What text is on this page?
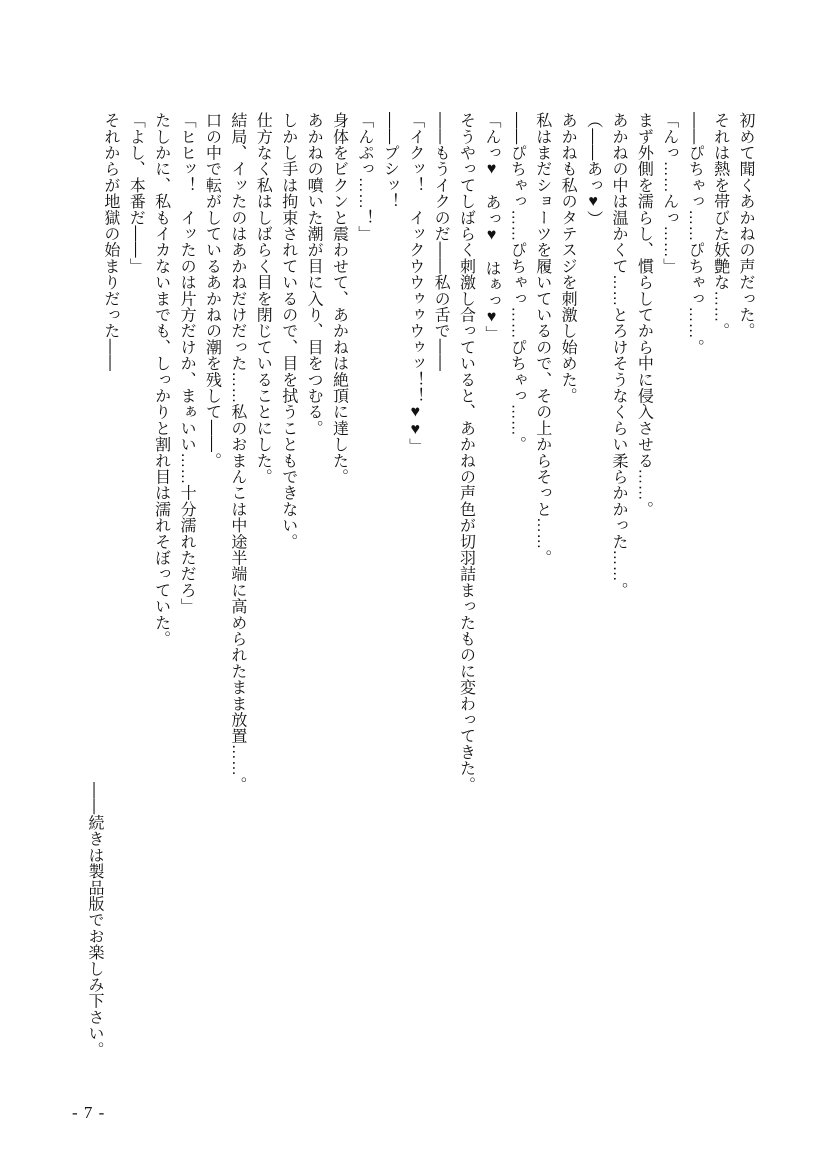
初めて聞くあかねの声だった。

それは熱を帯びた妖艶な……。

――ぴちゃっ……ぴちゃっ……。

「んっ……んっ……」

まず外側を濡らし、慣らしてから中に侵入させる……。

あかねの中は温かくて……とろけそうなくらい柔らかかった……。

（――あっ♥）

あかねも私のタテスジを刺激し始めた。

私はまだショーツを履いているので、その上からそっと……。

――ぴちゃっ……ぴちゃっ……ぴちゃっ……。

「んっ♥　あっ♥　はぁっ♥」

そうやってしばらく刺激し合っていると、あかねの声色が切羽詰まったものに変わってきた。

――もうイクのだ――私の舌で――

「イクッ！　イックウウゥゥウゥッ！！♥♥」

――プシッ！

「んぷっ……！」

身体をビクンと震わせて、あかねは絶頂に達した。

あかねの噴いた潮が目に入り、目をつむる。

しかし手は拘束されているので、目を拭うこともできない。

仕方なく私はしばらく目を閉じていることにした。

結局、イッたのはあかねだけだった……私のおまんこは中途半端に高められたまま放置……。

口の中で転がしているあかねの潮を残して――。

「ヒヒッ！　イッたのは片方だけか、まぁいい……十分濡れただろ」

たしかに、私もイカないまでも、しっかりと割れ目は濡れそぼっていた。

「よし、本番だ――」

それからが地獄の始まりだった――

――続きは製品版でお楽しみ下さい。
- 7 -
